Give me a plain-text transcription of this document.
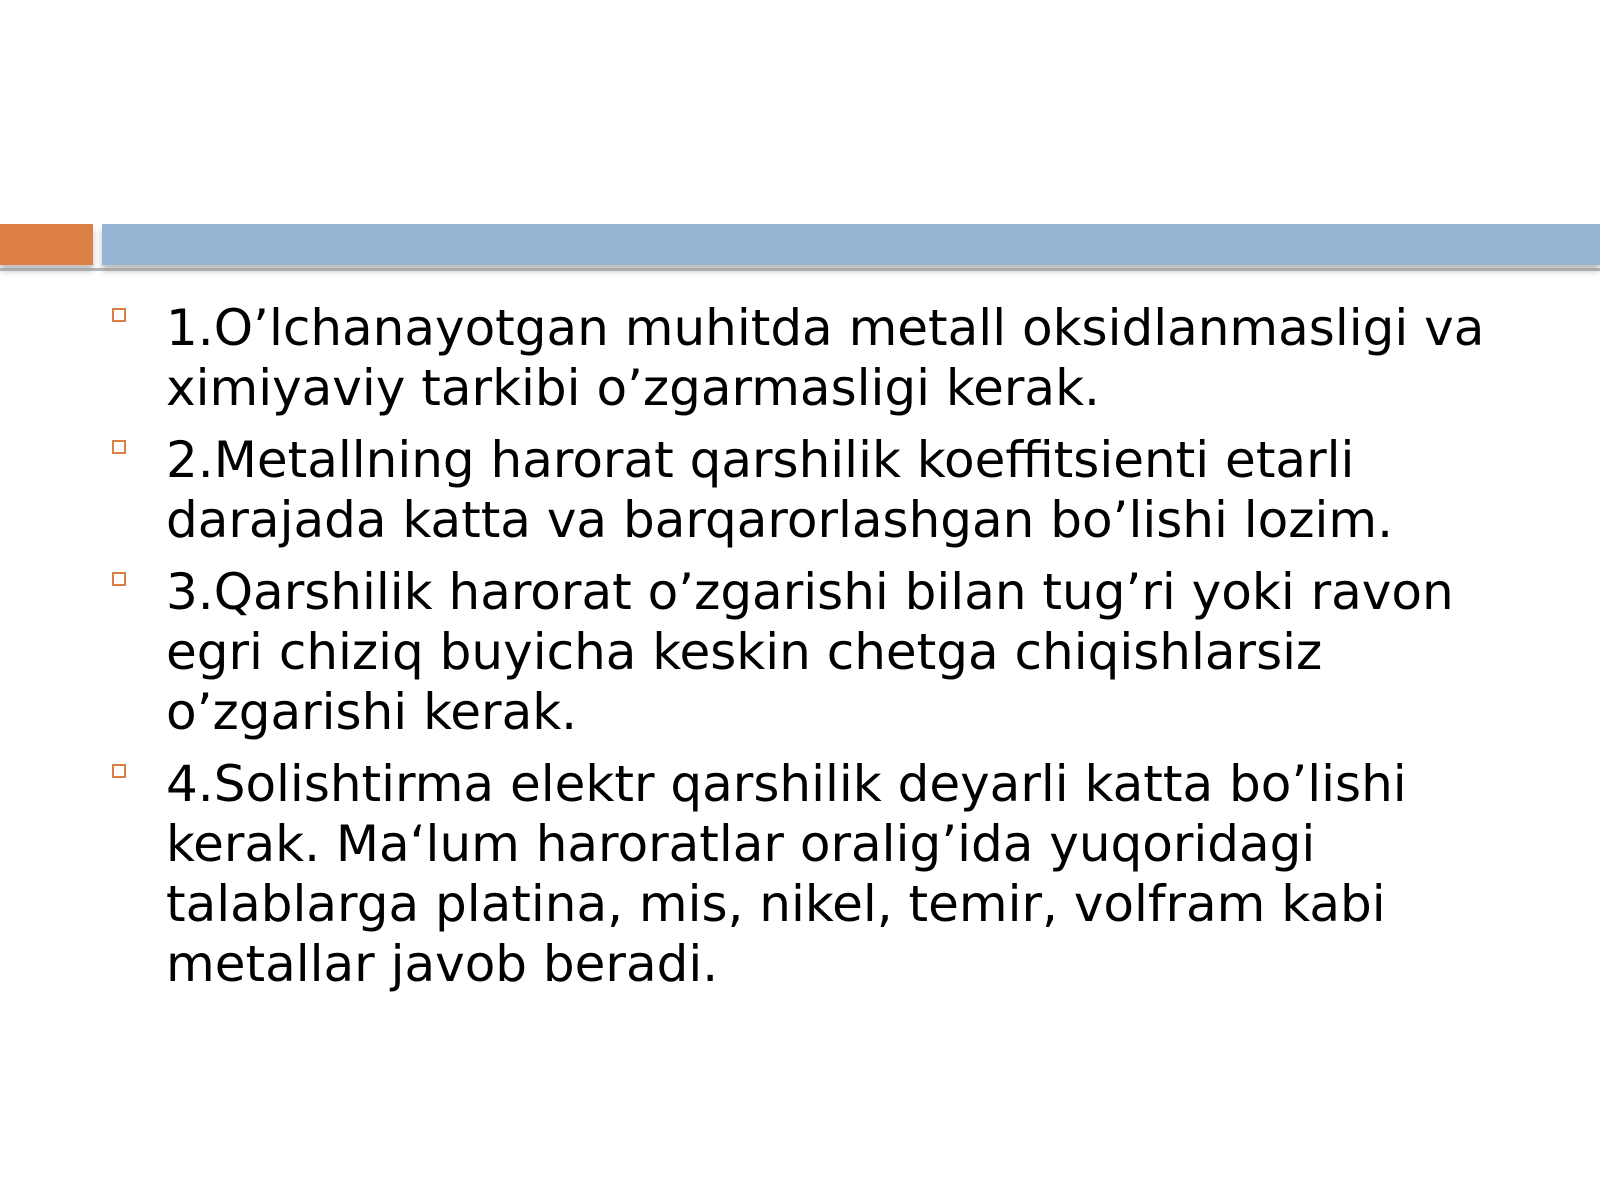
1.O’lchanayotgan muhitda metall oksidlanmasligi va ximiyaviy tarkibi o’zgarmasligi kerak.
2.Metallning harorat qarshilik koeffitsienti etarli darajada katta va barqarorlashgan bo’lishi lozim.
3.Qarshilik harorat o’zgarishi bilan tug’ri yoki ravon egri chiziq buyicha keskin chetga chiqishlarsiz o’zgarishi kerak.
4.Solishtirma elektr qarshilik deyarli katta bo’lishi kerak. Ma‘lum haroratlar oralig’ida yuqoridagi talablarga platina, mis, nikel, temir, volfram kabi metallar javob beradi.
